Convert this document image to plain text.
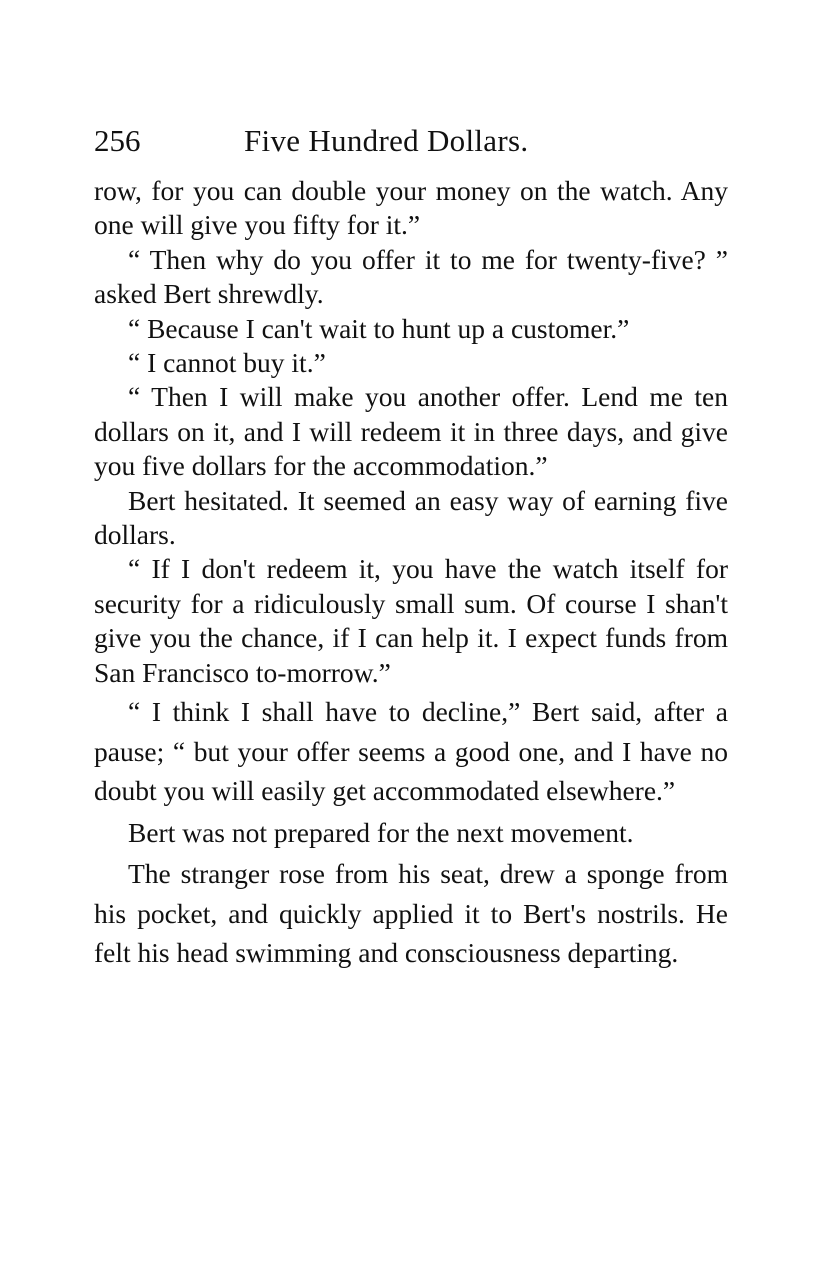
256	Five Hundred Dollars.

row, for you can double your money on the watch. Any one will give you fifty for it.”

“ Then why do you offer it to me for twenty-five? ” asked Bert shrewdly.

“ Because I can't wait to hunt up a customer.”

“ I cannot buy it.”

“ Then I will make you another offer. Lend me ten dollars on it, and I will redeem it in three days, and give you five dollars for the accommodation.”

Bert hesitated. It seemed an easy way of earning five dollars.

“ If I don't redeem it, you have the watch itself for security for a ridiculously small sum. Of course I shan't give you the chance, if I can help it. I expect funds from San Francisco to-morrow.”

“ I think I shall have to decline,” Bert said, after a pause; “ but your offer seems a good one, and I have no doubt you will easily get accommodated elsewhere.”

Bert was not prepared for the next movement.

The stranger rose from his seat, drew a sponge from his pocket, and quickly applied it to Bert's nostrils. He felt his head swimming and consciousness departing.
